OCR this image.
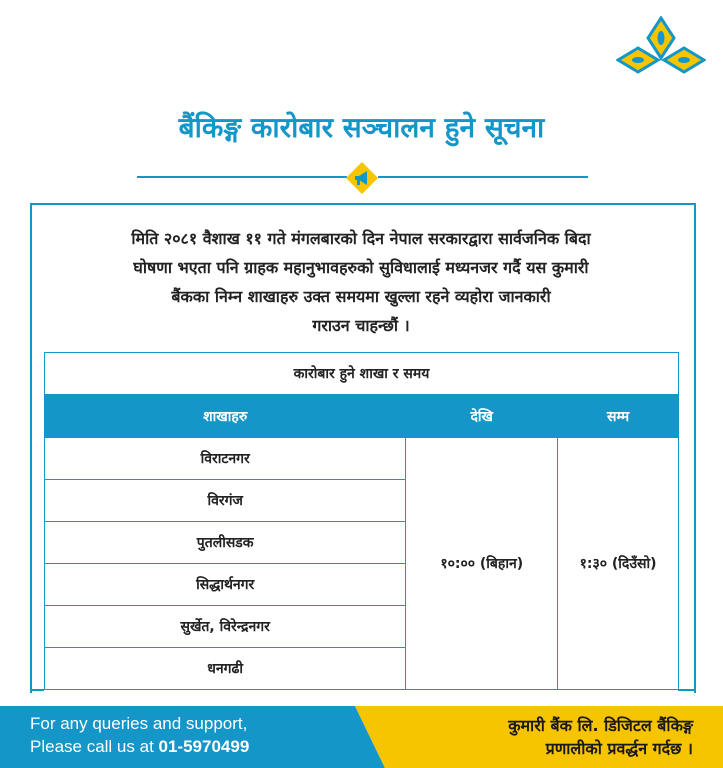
बैंकिङ्ग कारोबार सञ्चालन हुने सूचना
मिति २०८१ वैशाख ११ गते मंगलबारको दिन नेपाल सरकारद्वारा सार्वजनिक बिदा
घोषणा भएता पनि ग्राहक महानुभावहरुको सुविधालाई मध्यनजर गर्दै यस कुमारी
बैंकका निम्न शाखाहरु उक्त समयमा खुल्ला रहने व्यहोरा जानकारी
गराउन चाहन्छौं ।
कारोबार हुने शाखा र समय		
शाखाहरु	देखि	सम्म
विराटनगर	१०:०० (बिहान)	१:३० (दिउँसो)
विरगंज		
पुतलीसडक		
सिद्धार्थनगर		
सुर्खेत, विरेन्द्रनगर		
धनगढी		
For any queries and support,
Please call us at 01-5970499
कुमारी बैंक लि. डिजिटल बैंकिङ्ग
प्रणालीको प्रवर्द्धन गर्दछ ।
